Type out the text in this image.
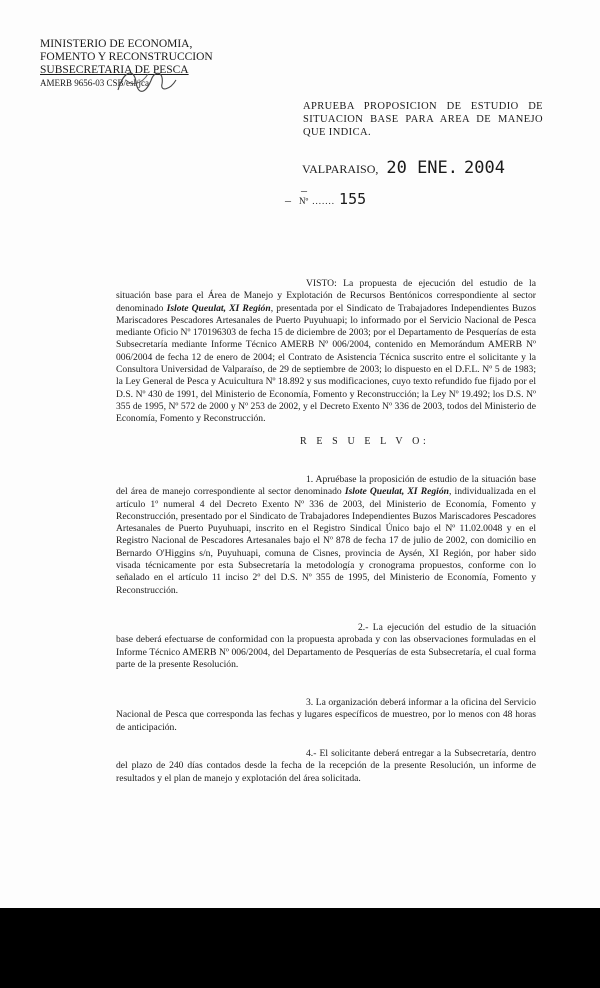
MINISTERIO DE ECONOMIA,
FOMENTO Y RECONSTRUCCION
SUBSECRETARIA DE PESCA
AMERB 9656-03 CSB/esl/jca
APRUEBA PROPOSICION DE ESTUDIO DE SITUACION BASE PARA AREA DE MANEJO QUE INDICA.
VALPARAISO, 20 ENE. 2004
–
– Nº ....... 155
VISTO: La propuesta de ejecución del estudio de la situación base para el Área de Manejo y Explotación de Recursos Bentónicos correspondiente al sector denominado Islote Queulat, XI Región, presentada por el Sindicato de Trabajadores Independientes Buzos Mariscadores Pescadores Artesanales de Puerto Puyuhuapi; lo informado por el Servicio Nacional de Pesca mediante Oficio Nº 170196303 de fecha 15 de diciembre de 2003; por el Departamento de Pesquerías de esta Subsecretaría mediante Informe Técnico AMERB Nº 006/2004, contenido en Memorándum AMERB Nº 006/2004 de fecha 12 de enero de 2004; el Contrato de Asistencia Técnica suscrito entre el solicitante y la Consultora Universidad de Valparaíso, de 29 de septiembre de 2003; lo dispuesto en el D.F.L. Nº 5 de 1983; la Ley General de Pesca y Acuicultura Nº 18.892 y sus modificaciones, cuyo texto refundido fue fijado por el D.S. Nº 430 de 1991, del Ministerio de Economía, Fomento y Reconstrucción; la Ley Nº 19.492; los D.S. Nº 355 de 1995, Nº 572 de 2000 y Nº 253 de 2002, y el Decreto Exento Nº 336 de 2003, todos del Ministerio de Economía, Fomento y Reconstrucción.
R E S U E L V O:
1. Apruébase la proposición de estudio de la situación base del área de manejo correspondiente al sector denominado Islote Queulat, XI Región, individualizada en el artículo 1º numeral 4 del Decreto Exento Nº 336 de 2003, del Ministerio de Economía, Fomento y Reconstrucción, presentado por el Sindicato de Trabajadores Independientes Buzos Mariscadores Pescadores Artesanales de Puerto Puyuhuapi, inscrito en el Registro Sindical Único bajo el Nº 11.02.0048 y en el Registro Nacional de Pescadores Artesanales bajo el Nº 878 de fecha 17 de julio de 2002, con domicilio en Bernardo O'Higgins s/n, Puyuhuapi, comuna de Cisnes, provincia de Aysén, XI Región, por haber sido visada técnicamente por esta Subsecretaría la metodología y cronograma propuestos, conforme con lo señalado en el artículo 11 inciso 2º del D.S. Nº 355 de 1995, del Ministerio de Economía, Fomento y Reconstrucción.
2.- La ejecución del estudio de la situación base deberá efectuarse de conformidad con la propuesta aprobada y con las observaciones formuladas en el Informe Técnico AMERB Nº 006/2004, del Departamento de Pesquerías de esta Subsecretaría, el cual forma parte de la presente Resolución.
3. La organización deberá informar a la oficina del Servicio Nacional de Pesca que corresponda las fechas y lugares específicos de muestreo, por lo menos con 48 horas de anticipación.
4.- El solicitante deberá entregar a la Subsecretaría, dentro del plazo de 240 días contados desde la fecha de la recepción de la presente Resolución, un informe de resultados y el plan de manejo y explotación del área solicitada.
